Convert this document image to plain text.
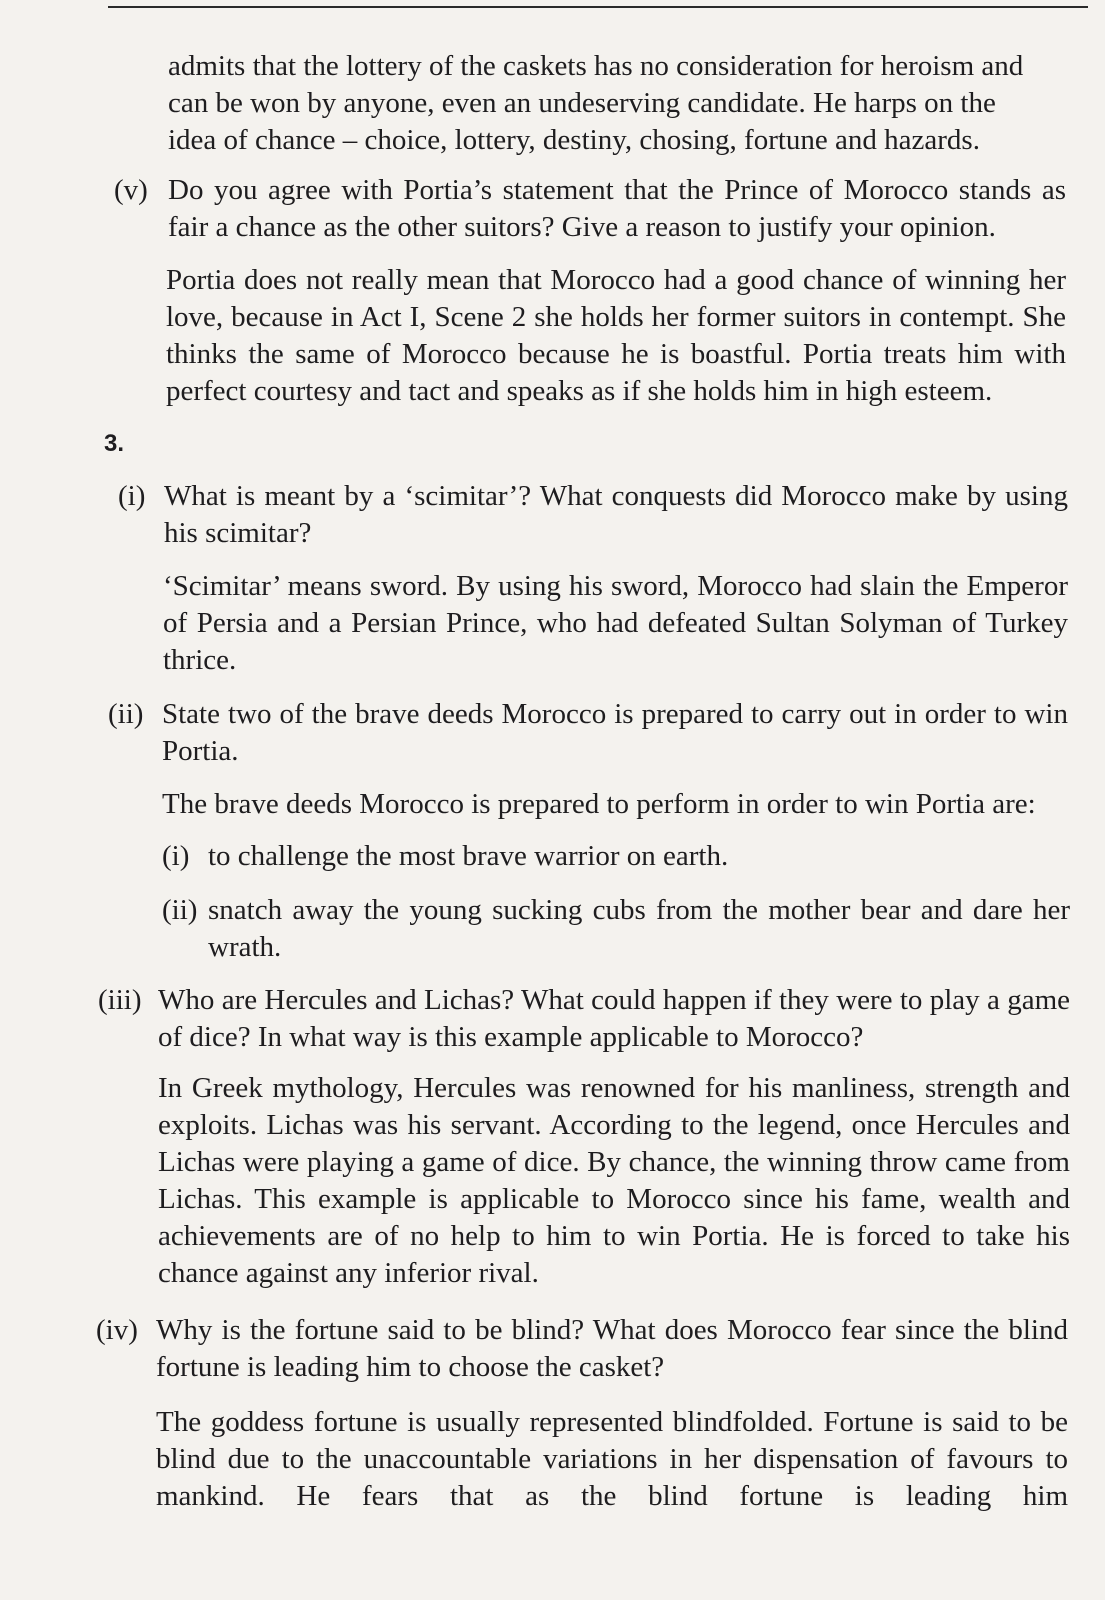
admits that the lottery of the caskets has no consideration for heroism and

can be won by anyone, even an undeserving candidate. He harps on the

idea of chance – choice, lottery, destiny, chosing, fortune and hazards.

(v) Do you agree with Portia’s statement that the Prince of Morocco stands as fair a chance as the other suitors? Give a reason to justify your opinion.

Portia does not really mean that Morocco had a good chance of winning her love, because in Act I, Scene 2 she holds her former suitors in contempt. She thinks the same of Morocco because he is boastful. Portia treats him with perfect courtesy and tact and speaks as if she holds him in high esteem.

3.
(i) What is meant by a ‘scimitar’? What conquests did Morocco make by using his scimitar?

‘Scimitar’ means sword. By using his sword, Morocco had slain the Emperor of Persia and a Persian Prince, who had defeated Sultan Solyman of Turkey thrice.

(ii) State two of the brave deeds Morocco is prepared to carry out in order to win Portia.

The brave deeds Morocco is prepared to perform in order to win Portia are:

(i) to challenge the most brave warrior on earth.

(ii) snatch away the young sucking cubs from the mother bear and dare her wrath.

(iii) Who are Hercules and Lichas? What could happen if they were to play a game of dice? In what way is this example applicable to Morocco?

In Greek mythology, Hercules was renowned for his manliness, strength and exploits. Lichas was his servant. According to the legend, once Hercules and Lichas were playing a game of dice. By chance, the winning throw came from Lichas. This example is applicable to Morocco since his fame, wealth and achievements are of no help to him to win Portia. He is forced to take his chance against any inferior rival.

(iv) Why is the fortune said to be blind? What does Morocco fear since the blind fortune is leading him to choose the casket?

The goddess fortune is usually represented blindfolded. Fortune is said to be blind due to the unaccountable variations in her dispensation of favours to mankind. He fears that as the blind fortune is leading him
